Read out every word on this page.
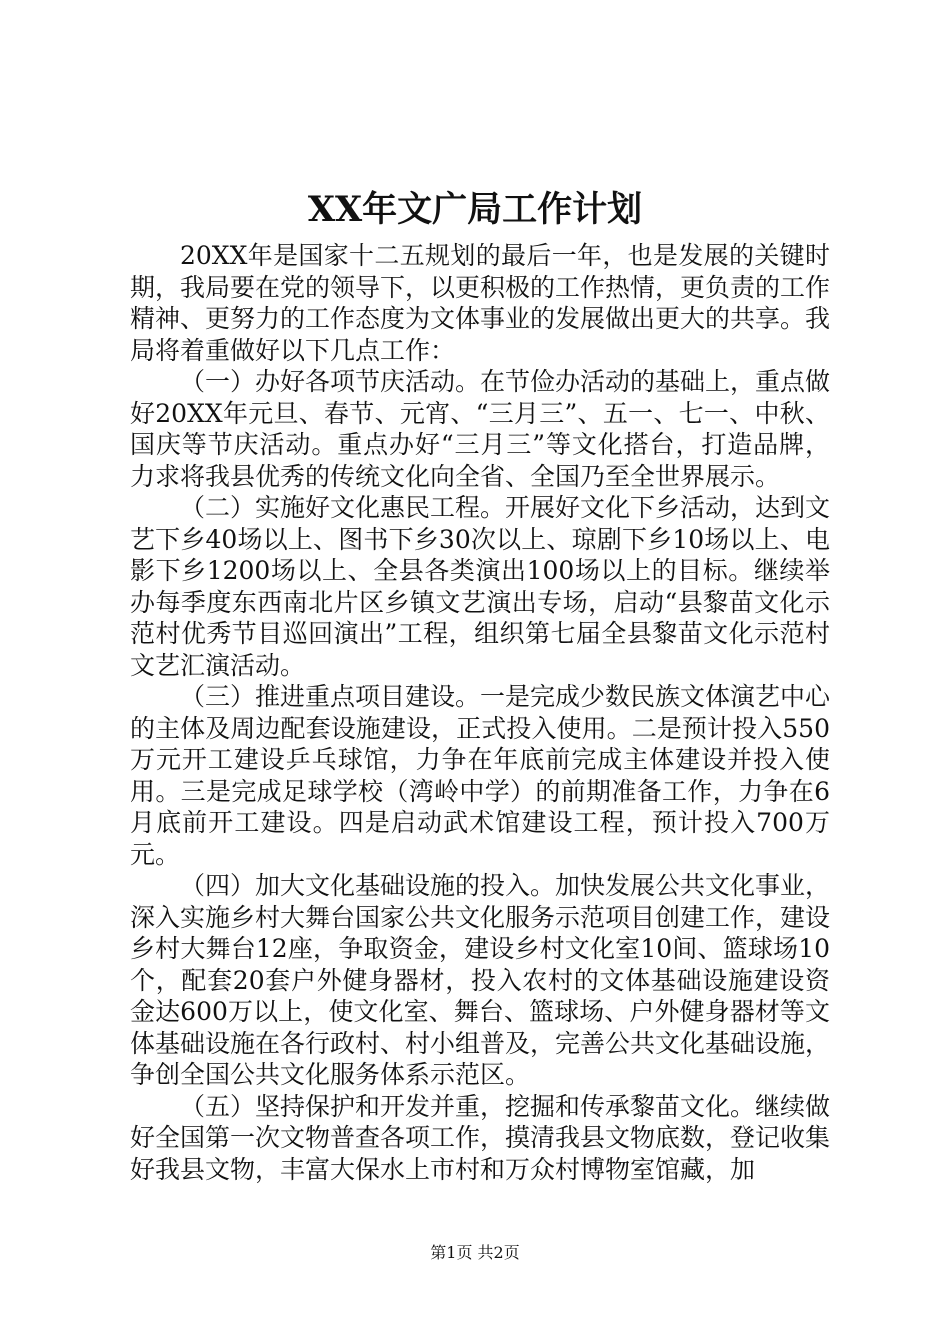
XX年文广局工作计划

20XX年是国家十二五规划的最后一年，也是发展的关键时期，我局要在党的领导下，以更积极的工作热情，更负责的工作精神、更努力的工作态度为文体事业的发展做出更大的共享。我局将着重做好以下几点工作：

（一）办好各项节庆活动。在节俭办活动的基础上，重点做好20XX年元旦、春节、元宵、“三月三”、五一、七一、中秋、国庆等节庆活动。重点办好“三月三”等文化搭台，打造品牌，力求将我县优秀的传统文化向全省、全国乃至全世界展示。

（二）实施好文化惠民工程。开展好文化下乡活动，达到文艺下乡40场以上、图书下乡30次以上、琼剧下乡10场以上、电影下乡1200场以上、全县各类演出100场以上的目标。继续举办每季度东西南北片区乡镇文艺演出专场，启动“县黎苗文化示范村优秀节目巡回演出”工程，组织第七届全县黎苗文化示范村文艺汇演活动。

（三）推进重点项目建设。一是完成少数民族文体演艺中心的主体及周边配套设施建设，正式投入使用。二是预计投入550万元开工建设乒乓球馆，力争在年底前完成主体建设并投入使用。三是完成足球学校（湾岭中学）的前期准备工作，力争在6月底前开工建设。四是启动武术馆建设工程，预计投入700万元。

（四）加大文化基础设施的投入。加快发展公共文化事业，深入实施乡村大舞台国家公共文化服务示范项目创建工作，建设乡村大舞台12座，争取资金，建设乡村文化室10间、篮球场10个，配套20套户外健身器材，投入农村的文体基础设施建设资金达600万以上，使文化室、舞台、篮球场、户外健身器材等文体基础设施在各行政村、村小组普及，完善公共文化基础设施，争创全国公共文化服务体系示范区。

（五）坚持保护和开发并重，挖掘和传承黎苗文化。继续做好全国第一次文物普查各项工作，摸清我县文物底数，登记收集好我县文物，丰富大保水上市村和万众村博物室馆藏，加

第1页 共2页
